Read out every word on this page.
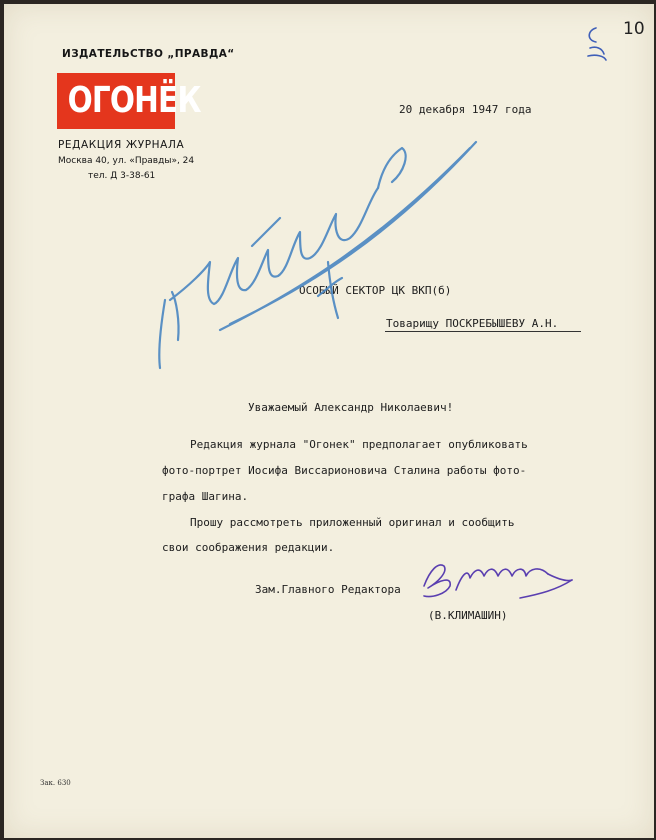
ИЗДАТЕЛЬСТВО „ПРАВДА“
ОГОНЁК
РЕДАКЦИЯ ЖУРНАЛА
Москва 40, ул. «Правды», 24
тел. Д 3-38-61
10
20 декабря 1947 года
ОСОБЫЙ СЕКТОР ЦК ВКП(б)
Товарищу ПОСКРЕБЫШЕВУ А.Н.
Уважаемый Александр Николаевич!
Редакция журнала "Огонек" предполагает опубликовать
фото-портрет Иосифа Виссарионовича Сталина работы фото-
графа Шагина.
Прошу рассмотреть приложенный оригинал и сообщить
свои соображения редакции.
Зам.Главного Редактора
(В.КЛИМАШИН)
Зак. 630
